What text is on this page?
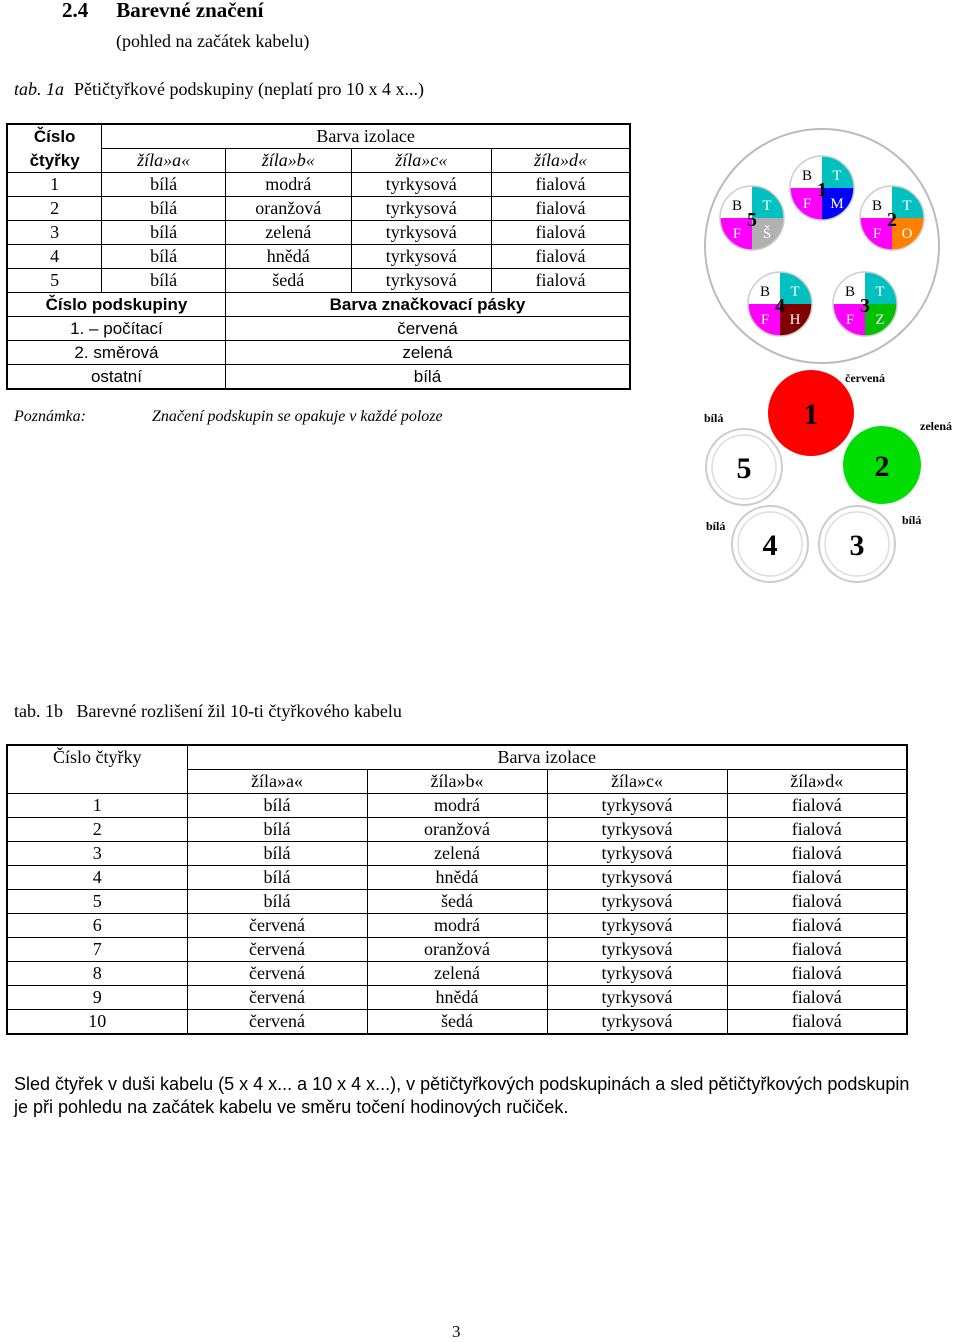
2.4 Barevné značení
(pohled na začátek kabelu)
tab. 1a Pětičtyřkové podskupiny (neplatí pro 10 x 4 x...)
Číslo	Barva izolace			
čtyřky	žíla»a«	žíla»b«	žíla»c«	žíla»d«
1	bílá	modrá	tyrkysová	fialová
2	bílá	oranžová	tyrkysová	fialová
3	bílá	zelená	tyrkysová	fialová
4	bílá	hnědá	tyrkysová	fialová
5	bílá	šedá	tyrkysová	fialová
Číslo podskupiny		Barva značkovací pásky		
1. – počítací		červená		
2. směrová		zelená		
ostatní		bílá		
Poznámka:	Značení podskupin se opakuje v každé poloze
B T
F M
1
B T
F O
2
B T
F Z
3
B T
F H
4
B T
F Š
5
1
červená
2
zelená
3
bílá
4
bílá
5
bílá
tab. 1b Barevné rozlišení žil 10-ti čtyřkového kabelu
Číslo čtyřky	Barva izolace			
	žíla»a«	žíla»b«	žíla»c«	žíla»d«
1	bílá	modrá	tyrkysová	fialová
2	bílá	oranžová	tyrkysová	fialová
3	bílá	zelená	tyrkysová	fialová
4	bílá	hnědá	tyrkysová	fialová
5	bílá	šedá	tyrkysová	fialová
6	červená	modrá	tyrkysová	fialová
7	červená	oranžová	tyrkysová	fialová
8	červená	zelená	tyrkysová	fialová
9	červená	hnědá	tyrkysová	fialová
10	červená	šedá	tyrkysová	fialová
Sled čtyřek v duši kabelu (5 x 4 x... a 10 x 4 x...), v pětičtyřkových podskupinách a sled pětičtyřkových podskupin je při pohledu na začátek kabelu ve směru točení hodinových ručiček.
3
